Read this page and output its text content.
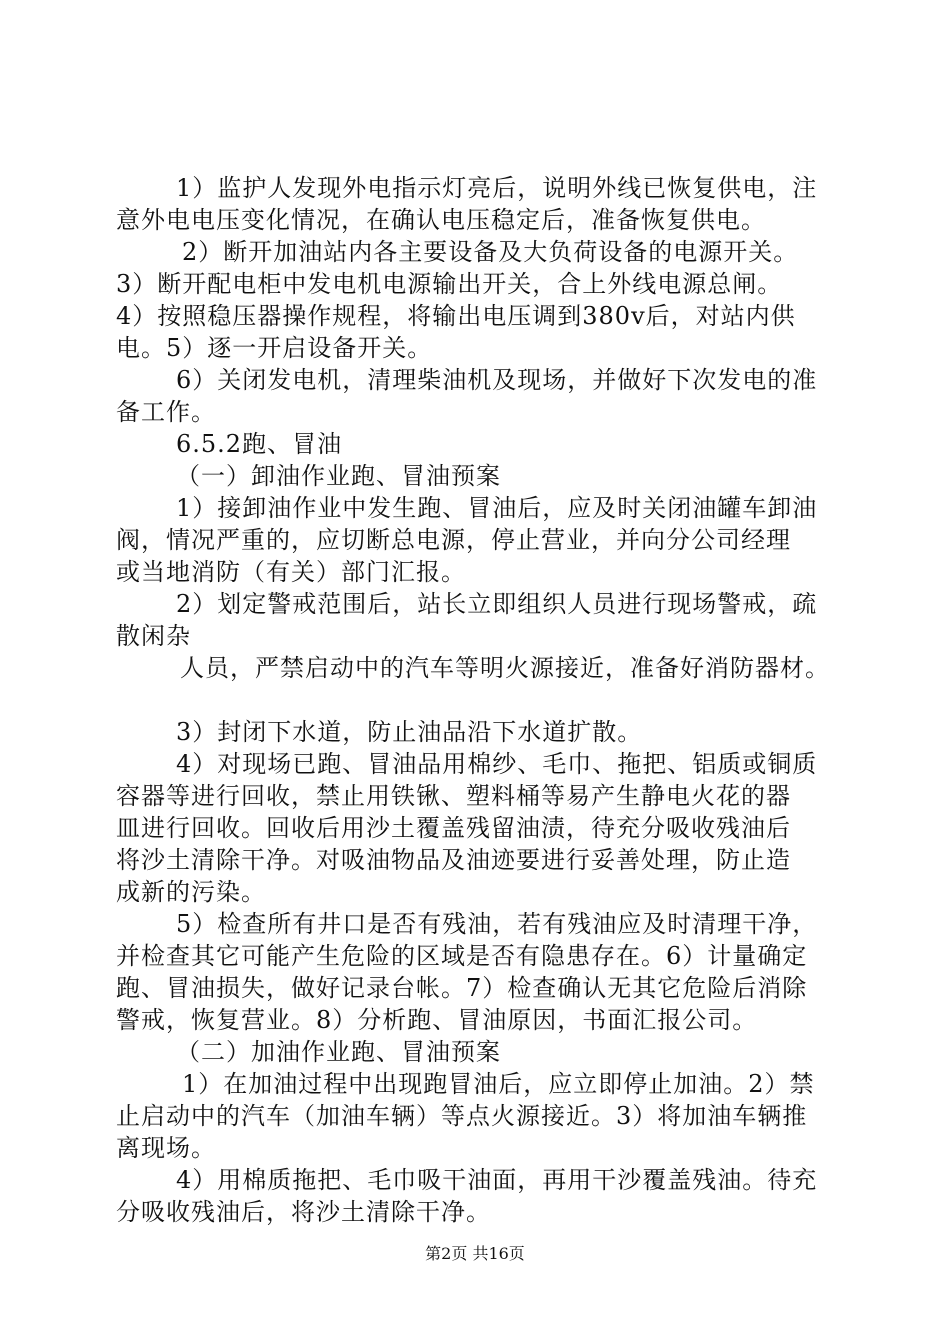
1）监护人发现外电指示灯亮后，说明外线已恢复供电，注
意外电电压变化情况，在确认电压稳定后，准备恢复供电。
2）断开加油站内各主要设备及大负荷设备的电源开关。
3）断开配电柜中发电机电源输出开关，合上外线电源总闸。
4）按照稳压器操作规程，将输出电压调到380v后，对站内供
电。5）逐一开启设备开关。
6）关闭发电机，清理柴油机及现场，并做好下次发电的准
备工作。
6.5.2跑、冒油
（一）卸油作业跑、冒油预案
1）接卸油作业中发生跑、冒油后，应及时关闭油罐车卸油
阀，情况严重的，应切断总电源，停止营业，并向分公司经理
或当地消防（有关）部门汇报。
2）划定警戒范围后，站长立即组织人员进行现场警戒，疏
散闲杂
人员，严禁启动中的汽车等明火源接近，准备好消防器材。
3）封闭下水道，防止油品沿下水道扩散。
4）对现场已跑、冒油品用棉纱、毛巾、拖把、铝质或铜质
容器等进行回收，禁止用铁锹、塑料桶等易产生静电火花的器
皿进行回收。回收后用沙土覆盖残留油渍，待充分吸收残油后
将沙土清除干净。对吸油物品及油迹要进行妥善处理，防止造
成新的污染。
5）检查所有井口是否有残油，若有残油应及时清理干净，
并检查其它可能产生危险的区域是否有隐患存在。6）计量确定
跑、冒油损失，做好记录台帐。7）检查确认无其它危险后消除
警戒，恢复营业。8）分析跑、冒油原因，书面汇报公司。
（二）加油作业跑、冒油预案
1）在加油过程中出现跑冒油后，应立即停止加油。2）禁
止启动中的汽车（加油车辆）等点火源接近。3）将加油车辆推
离现场。
4）用棉质拖把、毛巾吸干油面，再用干沙覆盖残油。待充
分吸收残油后，将沙土清除干净。
第2页 共16页
